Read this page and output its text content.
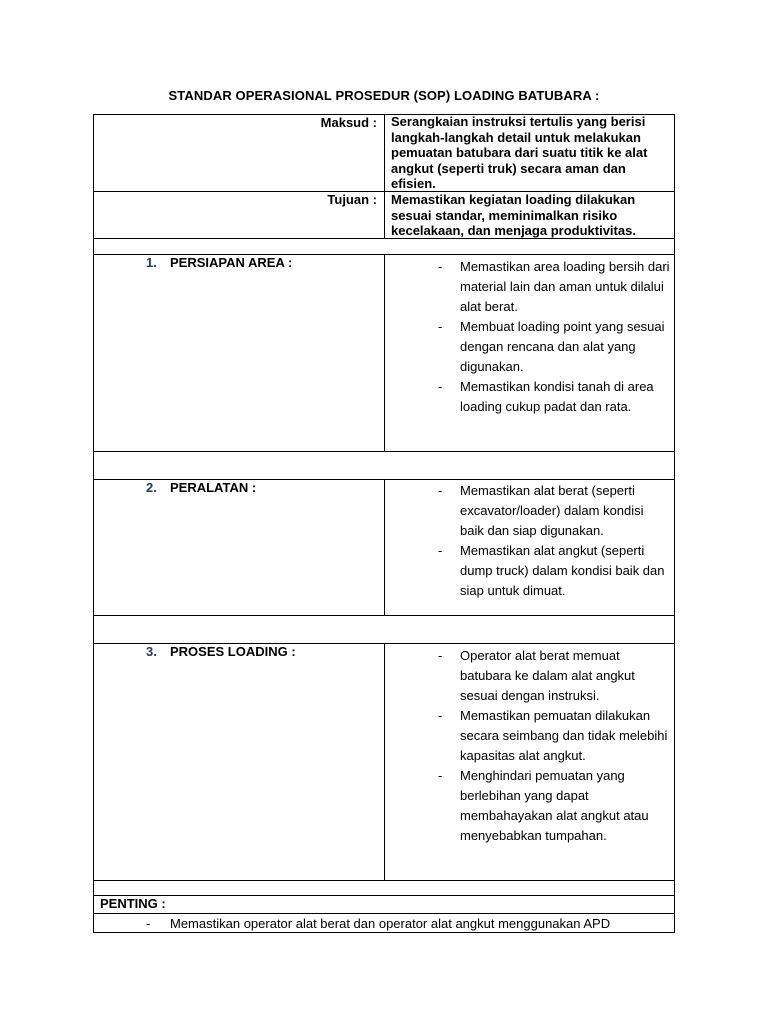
STANDAR OPERASIONAL PROSEDUR (SOP) LOADING BATUBARA :
Maksud : Serangkaian instruksi tertulis yang berisi langkah-langkah detail untuk melakukan pemuatan batubara dari suatu titik ke alat angkut (seperti truk) secara aman dan efisien.
Tujuan : Memastikan kegiatan loading dilakukan sesuai standar, meminimalkan risiko kecelakaan, dan menjaga produktivitas.
1. PERSIAPAN AREA :	- Memastikan area loading bersih dari material lain dan aman untuk dilalui alat berat.
- Membuat loading point yang sesuai dengan rencana dan alat yang digunakan.
- Memastikan kondisi tanah di area loading cukup padat dan rata.
2. PERALATAN :	- Memastikan alat berat (seperti excavator/loader) dalam kondisi baik dan siap digunakan.
- Memastikan alat angkut (seperti dump truck) dalam kondisi baik dan siap untuk dimuat.
3. PROSES LOADING :	- Operator alat berat memuat batubara ke dalam alat angkut sesuai dengan instruksi.
- Memastikan pemuatan dilakukan secara seimbang dan tidak melebihi kapasitas alat angkut.
- Menghindari pemuatan yang berlebihan yang dapat membahayakan alat angkut atau menyebabkan tumpahan.
PENTING :
- Memastikan operator alat berat dan operator alat angkut menggunakan APD
